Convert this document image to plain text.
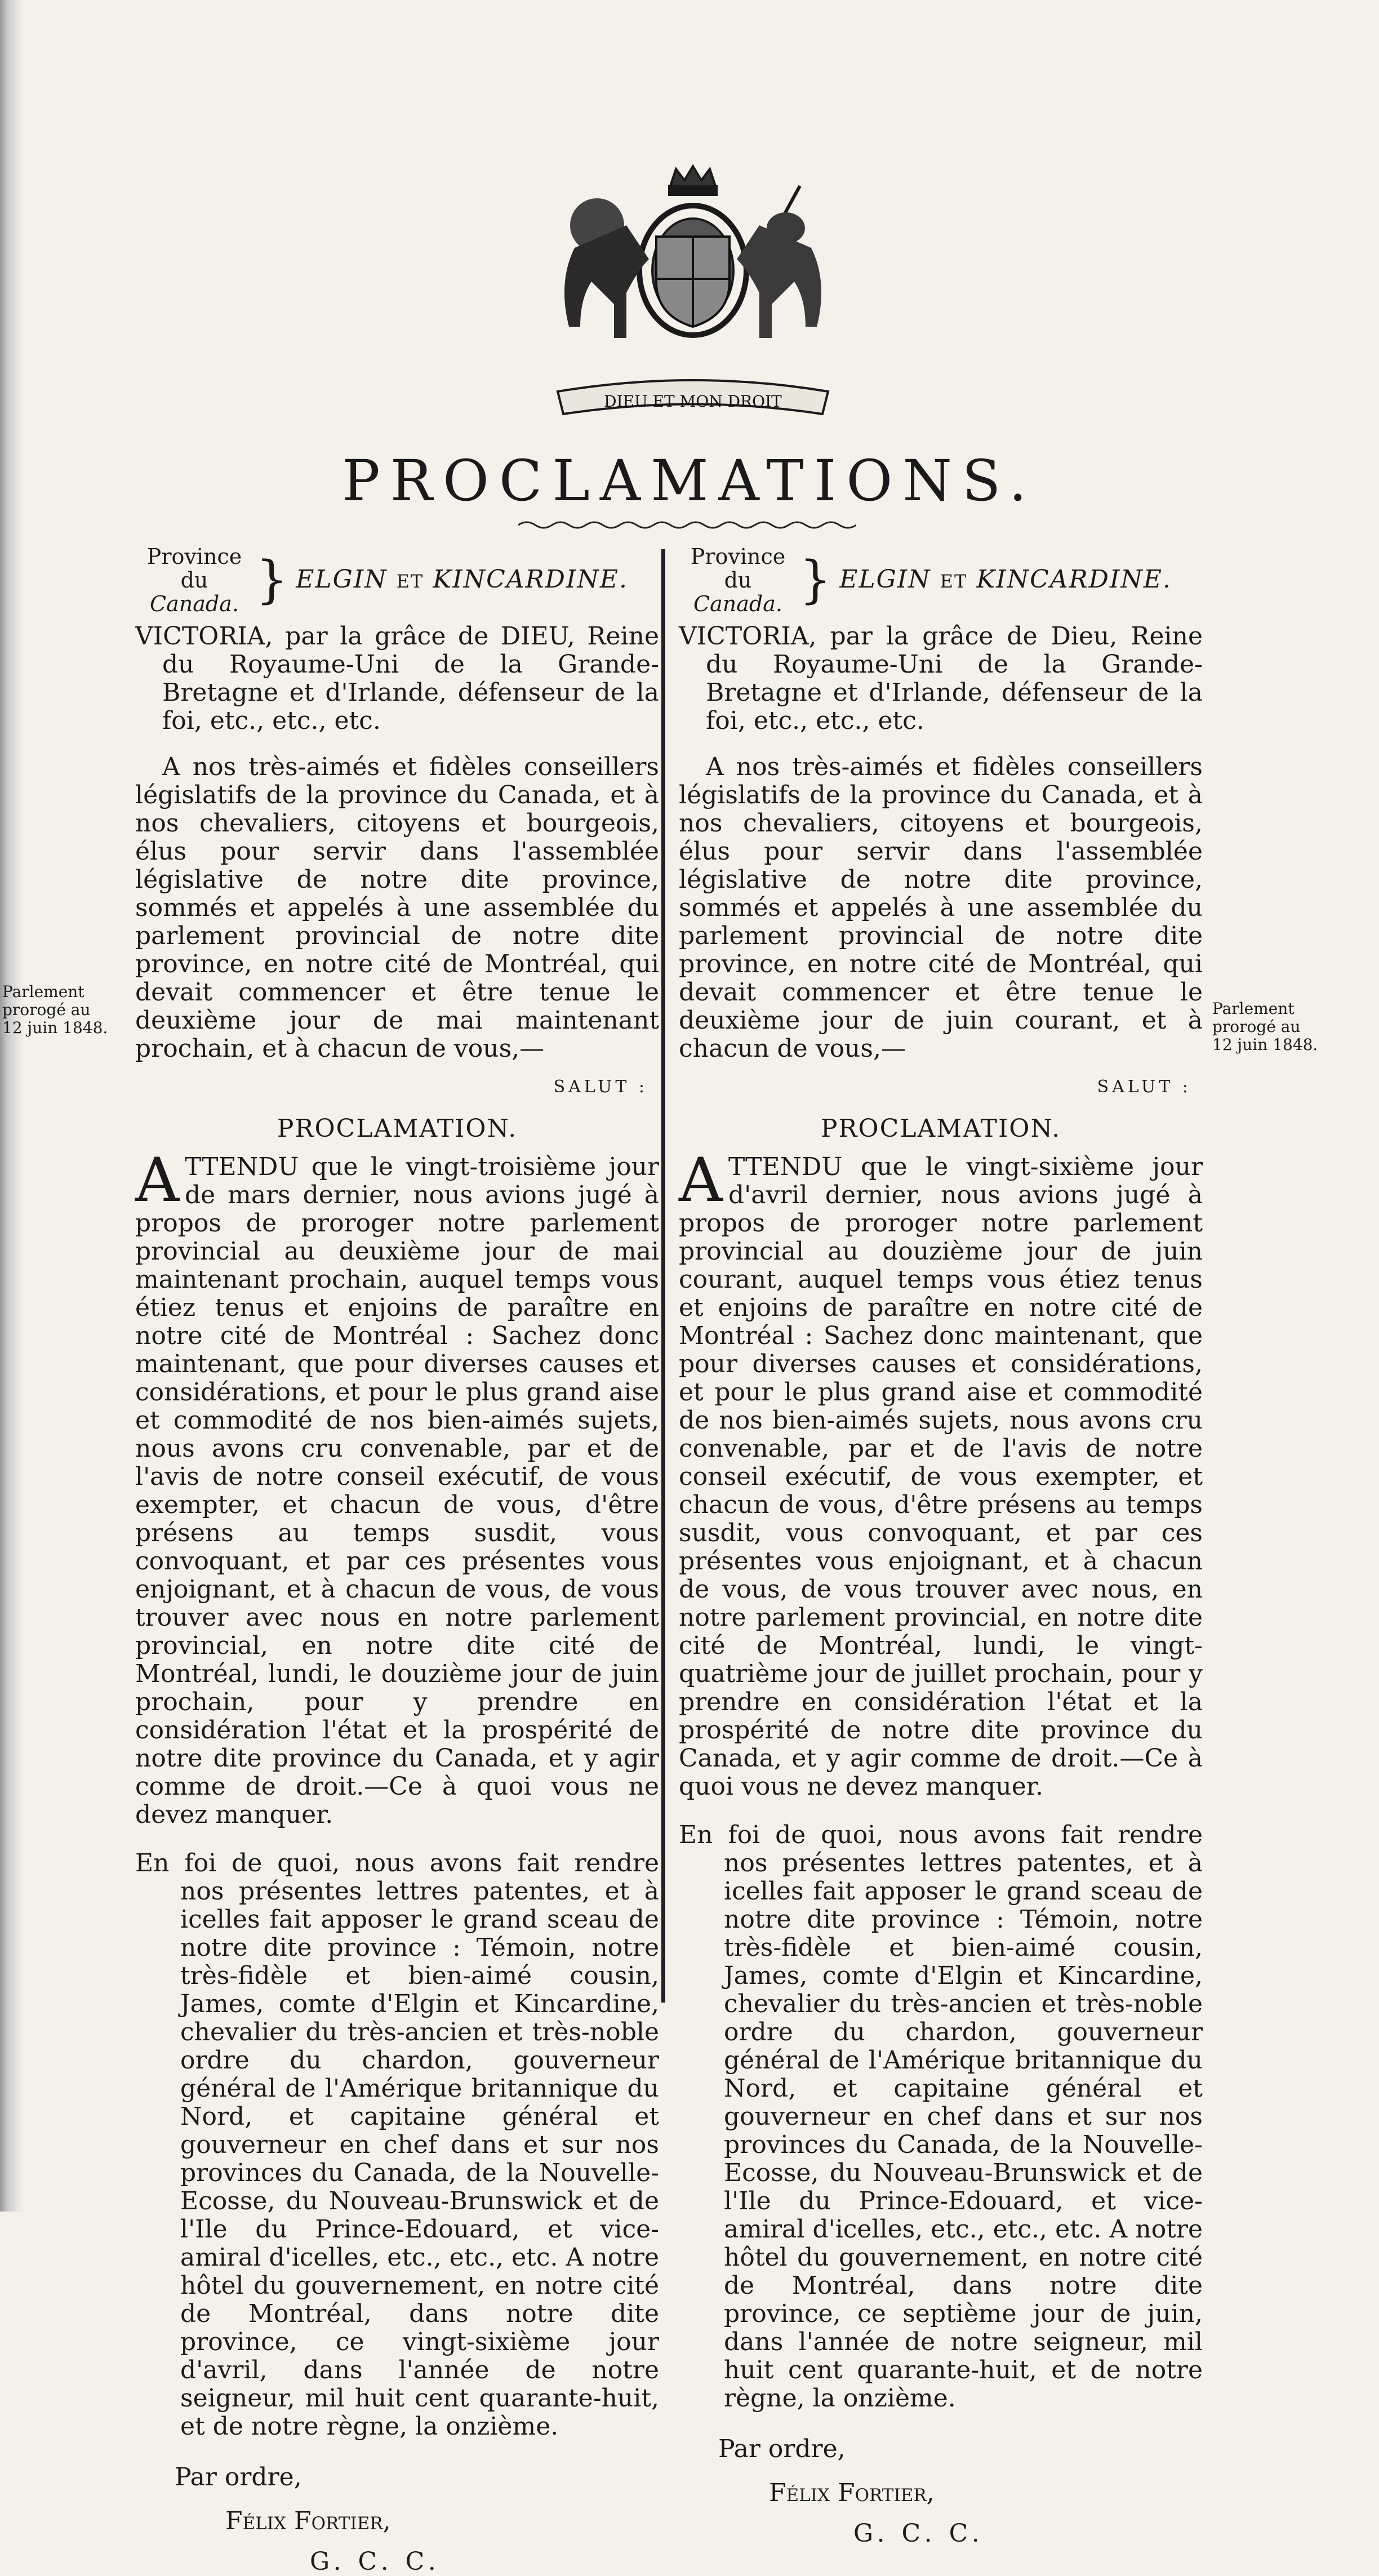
DIEU ET MON DROIT
PROCLAMATIONS.
Province du
Canada. } ELGIN ET KINCARDINE.

VICTORIA, par la grâce de DIEU, Reine du Royaume-Uni de la Grande-Bretagne et d'Irlande, défenseur de la foi, etc., etc., etc.

A nos très-aimés et fidèles conseillers législatifs de la province du Canada, et à nos chevaliers, citoyens et bourgeois, élus pour servir dans l'assemblée législative de notre dite province, sommés et appelés à une assemblée du parlement provincial de notre dite province, en notre cité de Montréal, qui devait commencer et être tenue le deuxième jour de mai maintenant prochain, et à chacun de vous,—

SALUT :
PROCLAMATION.
A TTENDU que le vingt-troisième jour de mars dernier, nous avions jugé à propos de proroger notre parlement provincial au deuxième jour de mai maintenant prochain, auquel temps vous étiez tenus et enjoins de paraître en notre cité de Montréal : Sachez donc maintenant, que pour diverses causes et considérations, et pour le plus grand aise et commodité de nos bien-aimés sujets, nous avons cru convenable, par et de l'avis de notre conseil exécutif, de vous exempter, et chacun de vous, d'être présens au temps susdit, vous convoquant, et par ces présentes vous enjoignant, et à chacun de vous, de vous trouver avec nous en notre parlement provincial, en notre dite cité de Montréal, lundi, le douzième jour de juin prochain, pour y prendre en considération l'état et la prospérité de notre dite province du Canada, et y agir comme de droit.—Ce à quoi vous ne devez manquer.
En foi de quoi, nous avons fait rendre nos présentes lettres patentes, et à icelles fait apposer le grand sceau de notre dite province : Témoin, notre très-fidèle et bien-aimé cousin, James, comte d'Elgin et Kincardine, chevalier du très-ancien et très-noble ordre du chardon, gouverneur général de l'Amérique britannique du Nord, et capitaine général et gouverneur en chef dans et sur nos provinces du Canada, de la Nouvelle-Ecosse, du Nouveau-Brunswick et de l'Ile du Prince-Edouard, et vice-amiral d'icelles, etc., etc., etc. A notre hôtel du gouvernement, en notre cité de Montréal, dans notre dite province, ce vingt-sixième jour d'avril, dans l'année de notre seigneur, mil huit cent quarante-huit, et de notre règne, la onzième.
Par ordre,
Félix Fortier,
G. C. C.
Province du
Canada. } ELGIN ET KINCARDINE.

VICTORIA, par la grâce de Dieu, Reine du Royaume-Uni de la Grande-Bretagne et d'Irlande, défenseur de la foi, etc., etc., etc.

A nos très-aimés et fidèles conseillers législatifs de la province du Canada, et à nos chevaliers, citoyens et bourgeois, élus pour servir dans l'assemblée législative de notre dite province, sommés et appelés à une assemblée du parlement provincial de notre dite province, en notre cité de Montréal, qui devait commencer et être tenue le deuxième jour de juin courant, et à chacun de vous,—

SALUT :
PROCLAMATION.
A TTENDU que le vingt-sixième jour d'avril dernier, nous avions jugé à propos de proroger notre parlement provincial au douzième jour de juin courant, auquel temps vous étiez tenus et enjoins de paraître en notre cité de Montréal : Sachez donc maintenant, que pour diverses causes et considérations, et pour le plus grand aise et commodité de nos bien-aimés sujets, nous avons cru convenable, par et de l'avis de notre conseil exécutif, de vous exempter, et chacun de vous, d'être présens au temps susdit, vous convoquant, et par ces présentes vous enjoignant, et à chacun de vous, de vous trouver avec nous, en notre parlement provincial, en notre dite cité de Montréal, lundi, le vingt-quatrième jour de juillet prochain, pour y prendre en considération l'état et la prospérité de notre dite province du Canada, et y agir comme de droit.—Ce à quoi vous ne devez manquer.
En foi de quoi, nous avons fait rendre nos présentes lettres patentes, et à icelles fait apposer le grand sceau de notre dite province : Témoin, notre très-fidèle et bien-aimé cousin, James, comte d'Elgin et Kincardine, chevalier du très-ancien et très-noble ordre du chardon, gouverneur général de l'Amérique britannique du Nord, et capitaine général et gouverneur en chef dans et sur nos provinces du Canada, de la Nouvelle-Ecosse, du Nouveau-Brunswick et de l'Ile du Prince-Edouard, et vice-amiral d'icelles, etc., etc., etc. A notre hôtel du gouvernement, en notre cité de Montréal, dans notre dite province, ce septième jour de juin, dans l'année de notre seigneur, mil huit cent quarante-huit, et de notre règne, la onzième.
Par ordre,
Félix Fortier,
G. C. C.
Parlement prorogé au 12 juin 1848.
Parlement prorogé au 12 juin 1848.
